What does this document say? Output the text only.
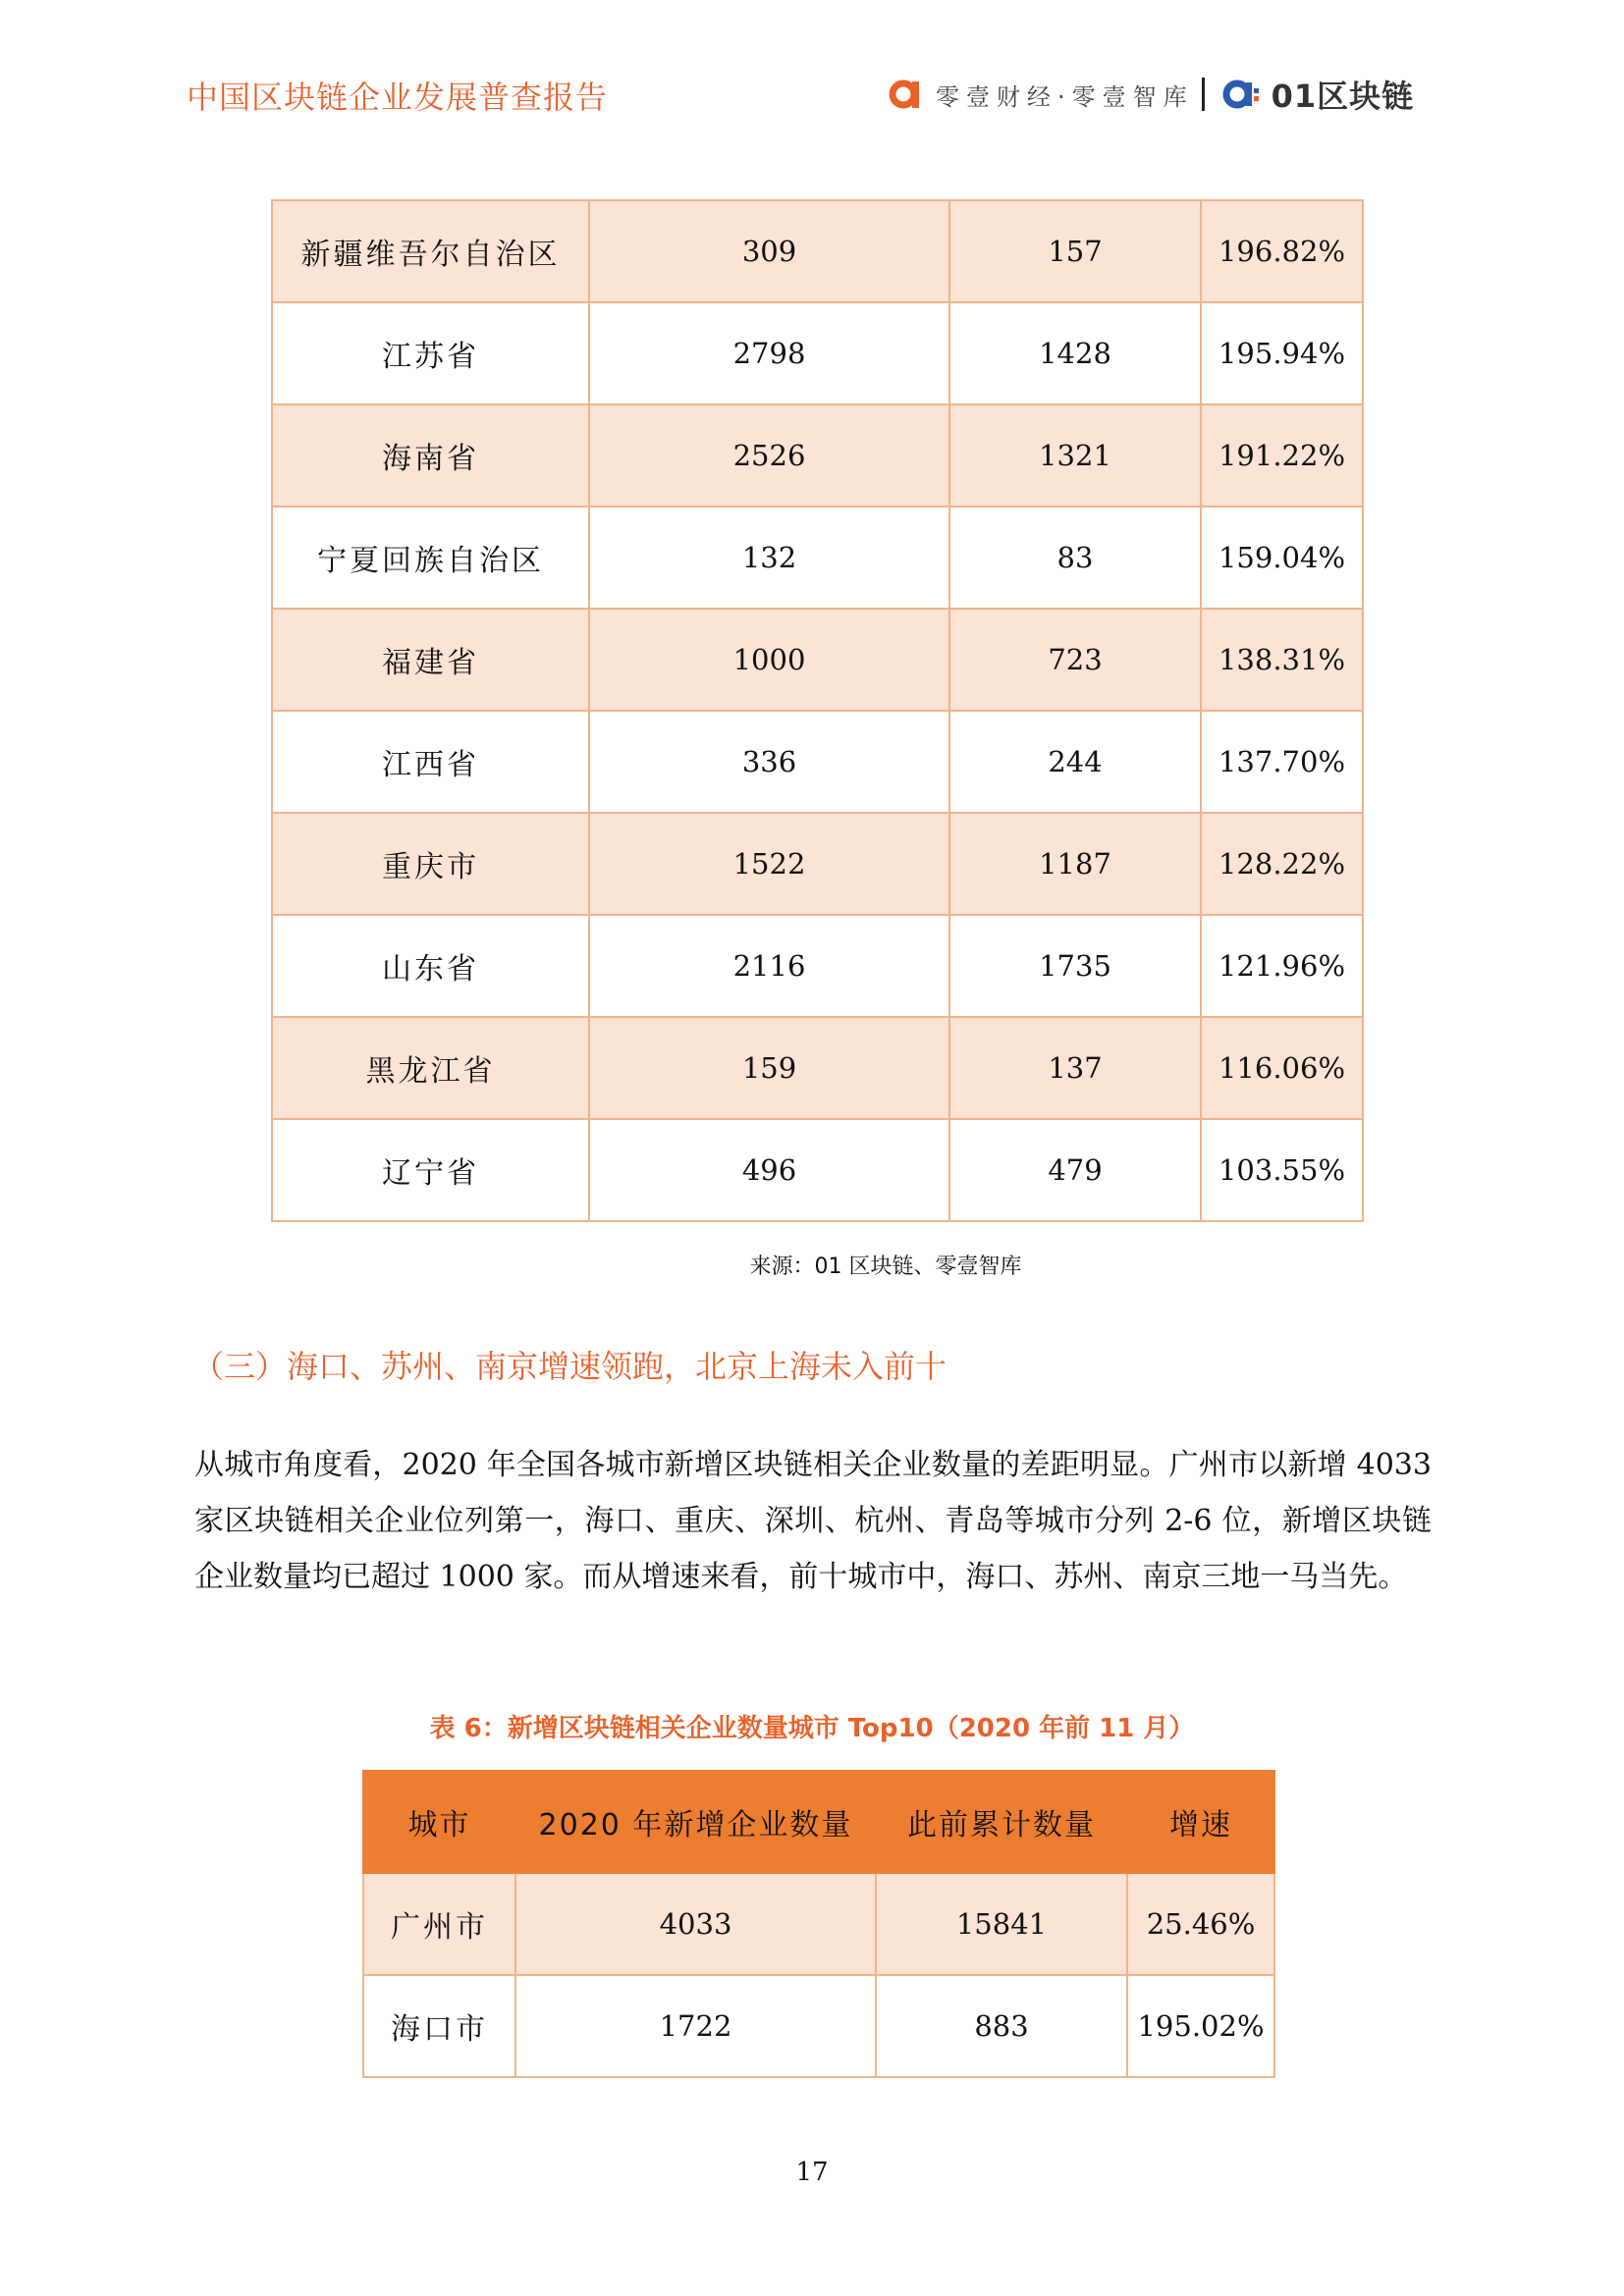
中国区块链企业发展普查报告	零壹财经·零壹智库 01区块链
新疆维吾尔自治区	309	157	196.82%
江苏省	2798	1428	195.94%
海南省	2526	1321	191.22%
宁夏回族自治区	132	83	159.04%
福建省	1000	723	138.31%
江西省	336	244	137.70%
重庆市	1522	1187	128.22%
山东省	2116	1735	121.96%
黑龙江省	159	137	116.06%
辽宁省	496	479	103.55%
来源：01 区块链、零壹智库
（三）海口、苏州、南京增速领跑，北京上海未入前十
从城市角度看，2020 年全国各城市新增区块链相关企业数量的差距明显。广州市以新增 4033 家区块链相关企业位列第一，海口、重庆、深圳、杭州、青岛等城市分列 2-6 位，新增区块链企业数量均已超过 1000 家。而从增速来看，前十城市中，海口、苏州、南京三地一马当先。
表 6：新增区块链相关企业数量城市 Top10（2020 年前 11 月）
城市	2020 年新增企业数量	此前累计数量	增速
广州市	4033	15841	25.46%
海口市	1722	883	195.02%
17
